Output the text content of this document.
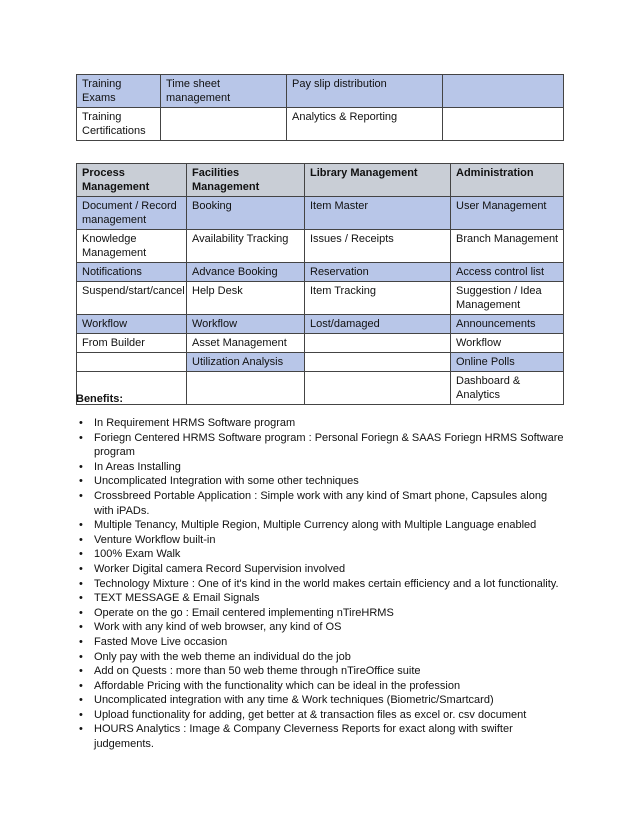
Training Exams	Time sheet management	Pay slip distribution	
Training Certifications		Analytics & Reporting	
Process Management	Facilities Management	Library Management	Administration
Document / Record management	Booking	Item Master	User Management
Knowledge Management	Availability Tracking	Issues / Receipts	Branch Management
Notifications	Advance Booking	Reservation	Access control list
Suspend/start/cancel	Help Desk	Item Tracking	Suggestion / Idea Management
Workflow	Workflow	Lost/damaged	Announcements
From Builder	Asset Management		Workflow
	Utilization Analysis		Online Polls
			Dashboard & Analytics
Benefits:
• In Requirement HRMS Software program
• Foriegn Centered HRMS Software program : Personal Foriegn & SAAS Foriegn HRMS Software program
• In Areas Installing
• Uncomplicated Integration with some other techniques
• Crossbreed Portable Application : Simple work with any kind of Smart phone, Capsules along with iPADs.
• Multiple Tenancy, Multiple Region, Multiple Currency along with Multiple Language enabled
• Venture Workflow built-in
• 100% Exam Walk
• Worker Digital camera Record Supervision involved
• Technology Mixture : One of it's kind in the world makes certain efficiency and a lot functionality.
• TEXT MESSAGE & Email Signals
• Operate on the go : Email centered implementing nTireHRMS
• Work with any kind of web browser, any kind of OS
• Fasted Move Live occasion
• Only pay with the web theme an individual do the job
• Add on Quests : more than 50 web theme through nTireOffice suite
• Affordable Pricing with the functionality which can be ideal in the profession
• Uncomplicated integration with any time & Work techniques (Biometric/Smartcard)
• Upload functionality for adding, get better at & transaction files as excel or. csv document
• HOURS Analytics : Image & Company Cleverness Reports for exact along with swifter judgements.
